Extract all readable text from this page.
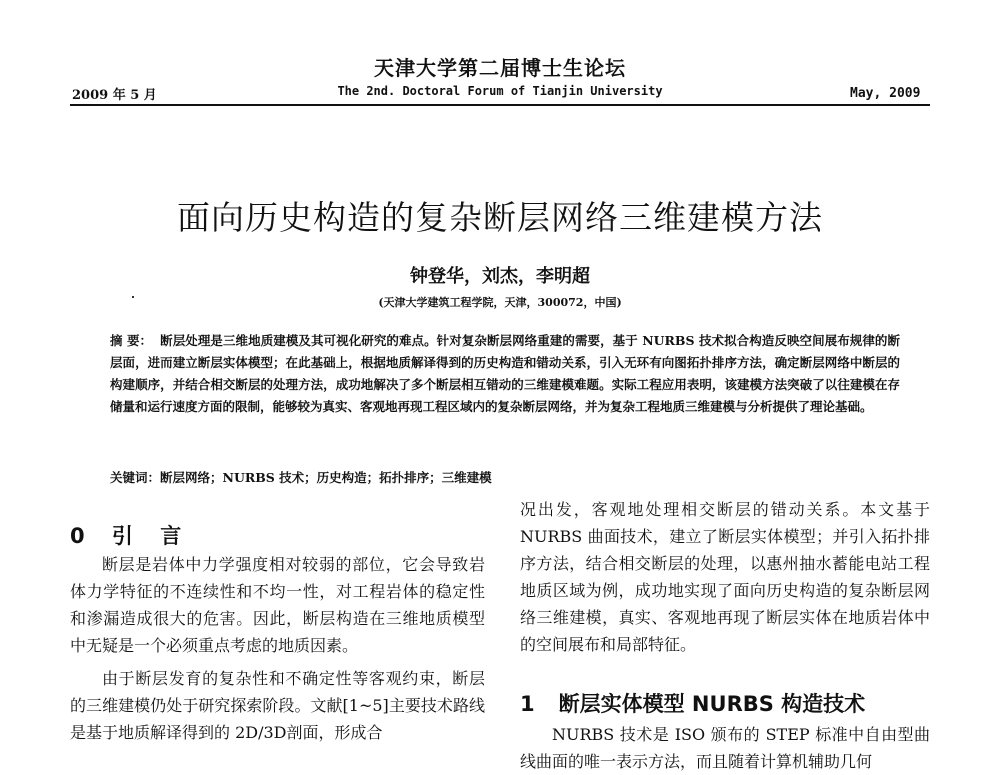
天津大学第二届博士生论坛
2009 年 5 月	The 2nd. Doctoral Forum of Tianjin University	May, 2009
面向历史构造的复杂断层网络三维建模方法
钟登华，刘杰，李明超
(天津大学建筑工程学院，天津，300072，中国)
摘 要： 断层处理是三维地质建模及其可视化研究的难点。针对复杂断层网络重建的需要，基于 NURBS 技术拟合构造反映空间展布规律的断层面，进而建立断层实体模型；在此基础上，根据地质解译得到的历史构造和错动关系，引入无环有向图拓扑排序方法，确定断层网络中断层的构建顺序，并结合相交断层的处理方法，成功地解决了多个断层相互错动的三维建模难题。实际工程应用表明，该建模方法突破了以往建模在存储量和运行速度方面的限制，能够较为真实、客观地再现工程区域内的复杂断层网络，并为复杂工程地质三维建模与分析提供了理论基础。
关键词：断层网络；NURBS 技术；历史构造；拓扑排序；三维建模
0 引 言

断层是岩体中力学强度相对较弱的部位，它会导致岩体力学特征的不连续性和不均一性，对工程岩体的稳定性和渗漏造成很大的危害。因此，断层构造在三维地质模型中无疑是一个必须重点考虑的地质因素。

由于断层发育的复杂性和不确定性等客观约束，断层的三维建模仍处于研究探索阶段。文献[1~5]主要技术路线是基于地质解译得到的 2D/3D剖面，形成合

况出发，客观地处理相交断层的错动关系。本文基于 NURBS 曲面技术，建立了断层实体模型；并引入拓扑排序方法，结合相交断层的处理，以惠州抽水蓄能电站工程地质区域为例，成功地实现了面向历史构造的复杂断层网络三维建模，真实、客观地再现了断层实体在地质岩体中的空间展布和局部特征。

1 断层实体模型 NURBS 构造技术

NURBS 技术是 ISO 颁布的 STEP 标准中自由型曲线曲面的唯一表示方法，而且随着计算机辅助几何
